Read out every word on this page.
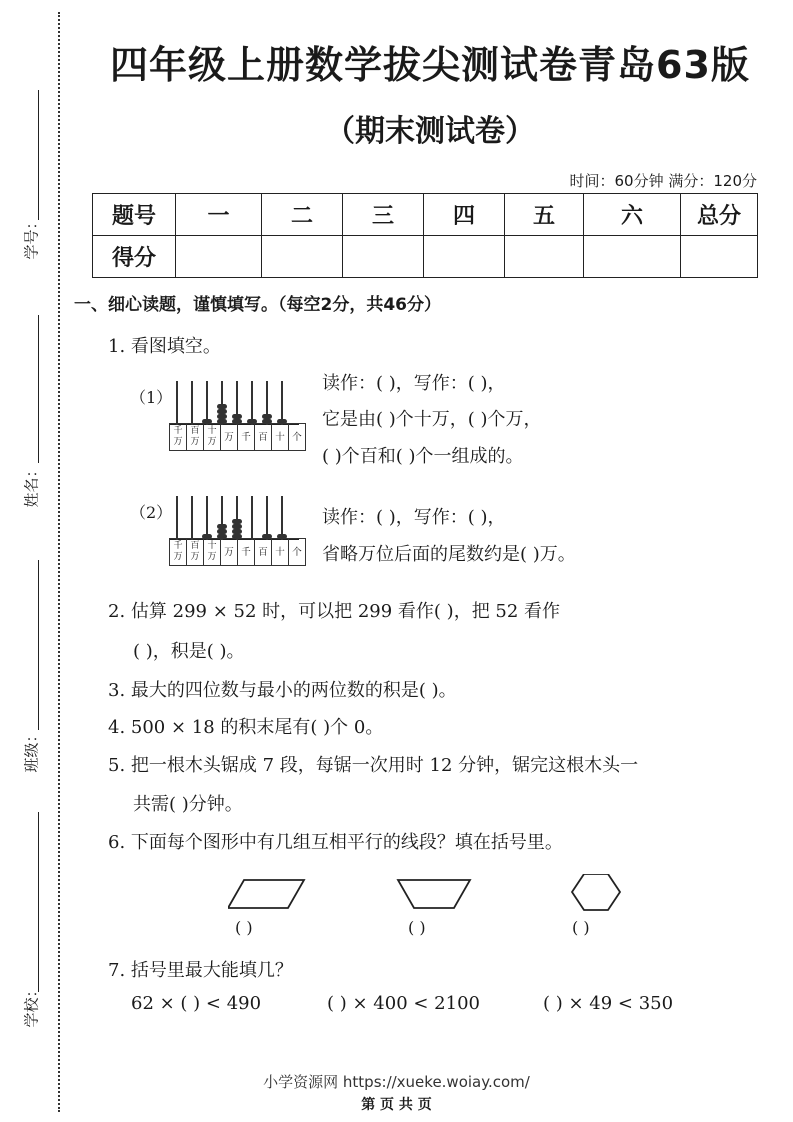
学号：
姓名：
班级：
学校：
四年级上册数学拔尖测试卷青岛63版
（期末测试卷）
时间：60分钟 满分：120分
题号	一	二	三	四	五	六	总分
得分							
一、细心读题，谨慎填写。（每空2分，共46分）
1. 看图填空。
（1）
千万
百万
十万 万 千 百 十 个
读作：( )，写作：( )，
它是由( )个十万，( )个万，
( )个百和( )个一组成的。
（2）
千万
百万
十万 万 千 百 十 个
读作：( )，写作：( )，
省略万位后面的尾数约是( )万。
2. 估算 299 × 52 时，可以把 299 看作( )，把 52 看作
( )，积是( )。
3. 最大的四位数与最小的两位数的积是( )。
4. 500 × 18 的积末尾有( )个 0。
5. 把一根木头锯成 7 段，每锯一次用时 12 分钟，锯完这根木头一
共需( )分钟。
6. 下面每个图形中有几组互相平行的线段？填在括号里。
( )	( )	( )
7. 括号里最大能填几？
62 × ( ) < 490	( ) × 400 < 2100	( ) × 49 < 350
小学资源网 https://xueke.woiay.com/
第 页 共 页
